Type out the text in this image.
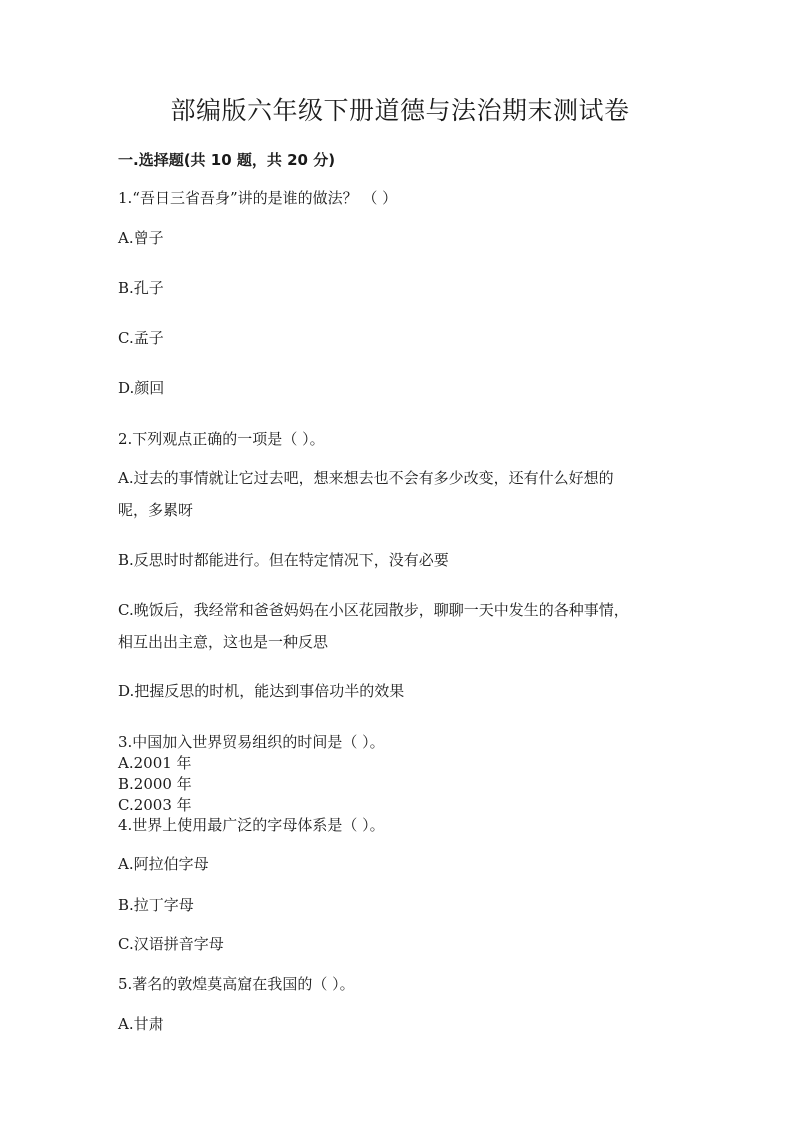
部编版六年级下册道德与法治期末测试卷
一.选择题(共 10 题，共 20 分)
1.“吾日三省吾身”讲的是谁的做法？ （ ）
A.曾子
B.孔子
C.孟子
D.颜回
2.下列观点正确的一项是（ ）。
A.过去的事情就让它过去吧，想来想去也不会有多少改变，还有什么好想的
呢，多累呀
B.反思时时都能进行。但在特定情况下，没有必要
C.晚饭后，我经常和爸爸妈妈在小区花园散步，聊聊一天中发生的各种事情，
相互出出主意，这也是一种反思
D.把握反思的时机，能达到事倍功半的效果
3.中国加入世界贸易组织的时间是（ ）。
A.2001 年
B.2000 年
C.2003 年
4.世界上使用最广泛的字母体系是（ ）。
A.阿拉伯字母
B.拉丁字母
C.汉语拼音字母
5.著名的敦煌莫高窟在我国的（ ）。
A.甘肃
